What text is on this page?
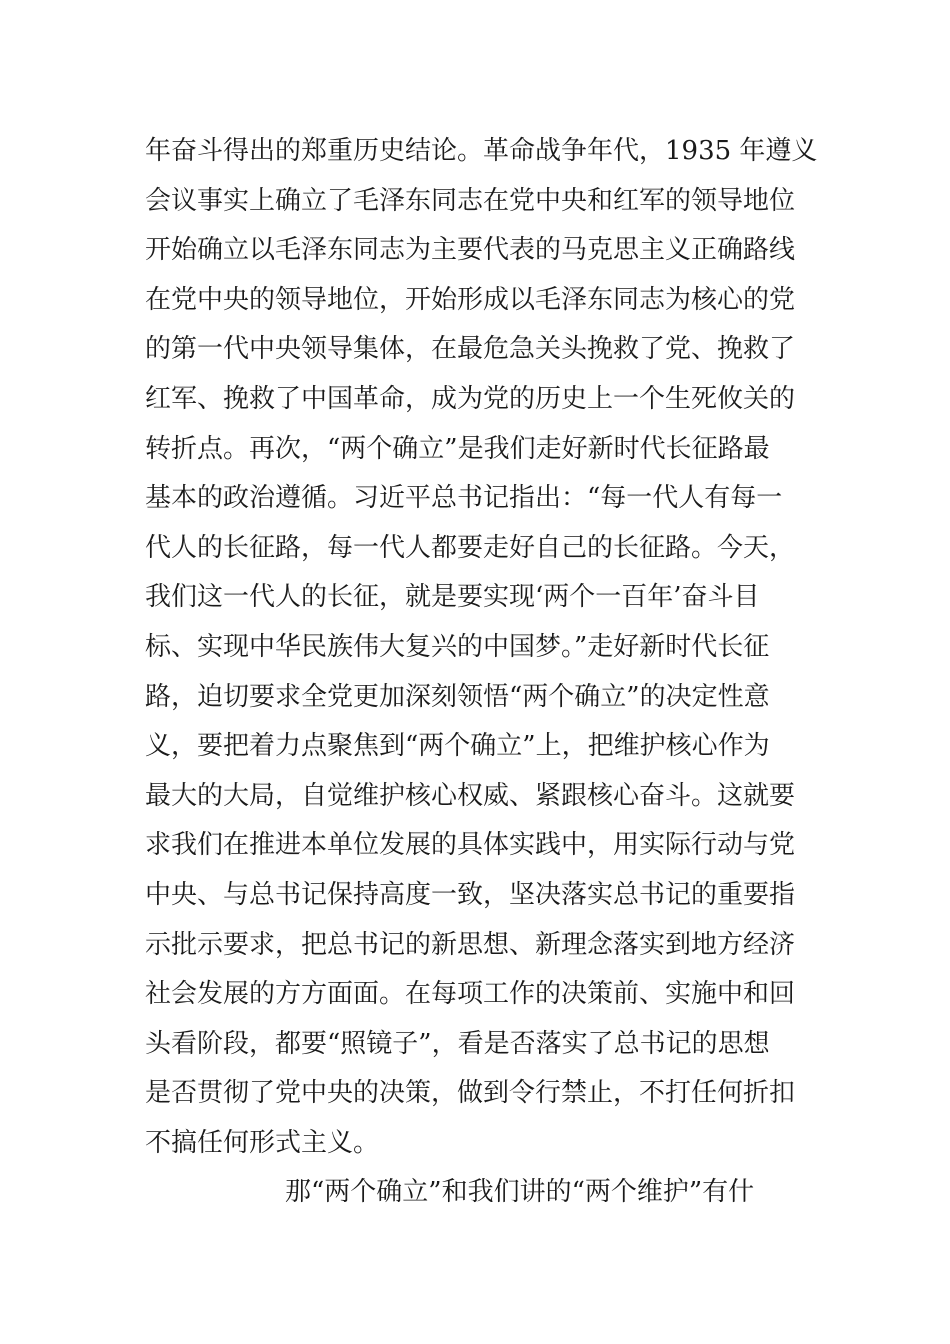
年奋斗得出的郑重历史结论。革命战争年代，1935 年遵义
会议事实上确立了毛泽东同志在党中央和红军的领导地位
开始确立以毛泽东同志为主要代表的马克思主义正确路线
在党中央的领导地位，开始形成以毛泽东同志为核心的党
的第一代中央领导集体，在最危急关头挽救了党、挽救了
红军、挽救了中国革命，成为党的历史上一个生死攸关的
转折点。再次，“两个确立”是我们走好新时代长征路最
基本的政治遵循。习近平总书记指出：“每一代人有每一
代人的长征路，每一代人都要走好自己的长征路。今天，
我们这一代人的长征，就是要实现‘两个一百年’奋斗目
标、实现中华民族伟大复兴的中国梦。”走好新时代长征
路，迫切要求全党更加深刻领悟“两个确立”的决定性意
义，要把着力点聚焦到“两个确立”上，把维护核心作为
最大的大局，自觉维护核心权威、紧跟核心奋斗。这就要
求我们在推进本单位发展的具体实践中，用实际行动与党
中央、与总书记保持高度一致，坚决落实总书记的重要指
示批示要求，把总书记的新思想、新理念落实到地方经济
社会发展的方方面面。在每项工作的决策前、实施中和回
头看阶段，都要“照镜子”，看是否落实了总书记的思想
是否贯彻了党中央的决策，做到令行禁止，不打任何折扣
不搞任何形式主义。
那“两个确立”和我们讲的“两个维护”有什
